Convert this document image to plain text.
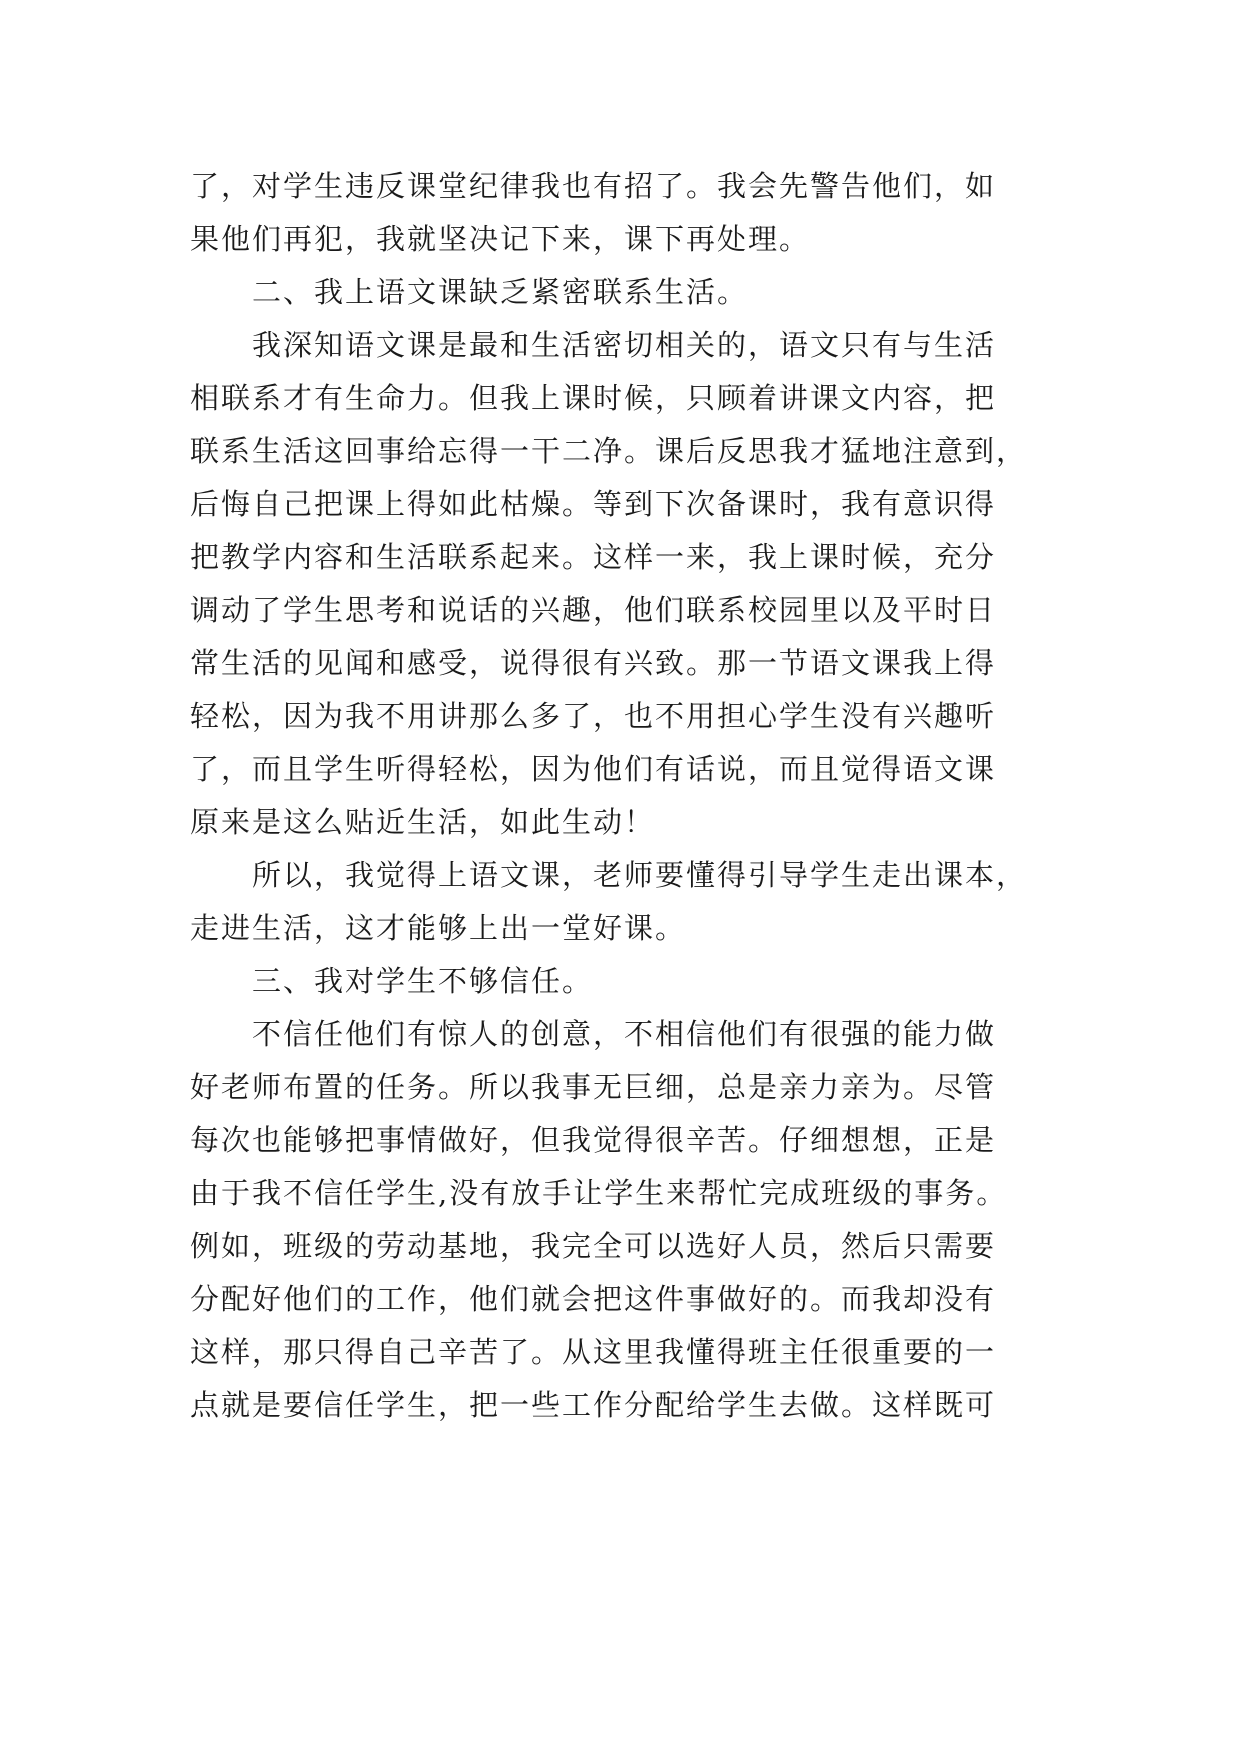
了，对学生违反课堂纪律我也有招了。我会先警告他们，如
果他们再犯，我就坚决记下来，课下再处理。
二、我上语文课缺乏紧密联系生活。
我深知语文课是最和生活密切相关的，语文只有与生活
相联系才有生命力。但我上课时候，只顾着讲课文内容，把
联系生活这回事给忘得一干二净。课后反思我才猛地注意到，
后悔自己把课上得如此枯燥。等到下次备课时，我有意识得
把教学内容和生活联系起来。这样一来，我上课时候，充分
调动了学生思考和说话的兴趣，他们联系校园里以及平时日
常生活的见闻和感受，说得很有兴致。那一节语文课我上得
轻松，因为我不用讲那么多了，也不用担心学生没有兴趣听
了，而且学生听得轻松，因为他们有话说，而且觉得语文课
原来是这么贴近生活，如此生动！
所以，我觉得上语文课，老师要懂得引导学生走出课本，
走进生活，这才能够上出一堂好课。
三、我对学生不够信任。
不信任他们有惊人的创意，不相信他们有很强的能力做
好老师布置的任务。所以我事无巨细，总是亲力亲为。尽管
每次也能够把事情做好，但我觉得很辛苦。仔细想想，正是
由于我不信任学生,没有放手让学生来帮忙完成班级的事务。
例如，班级的劳动基地，我完全可以选好人员，然后只需要
分配好他们的工作，他们就会把这件事做好的。而我却没有
这样，那只得自己辛苦了。从这里我懂得班主任很重要的一
点就是要信任学生，把一些工作分配给学生去做。这样既可
